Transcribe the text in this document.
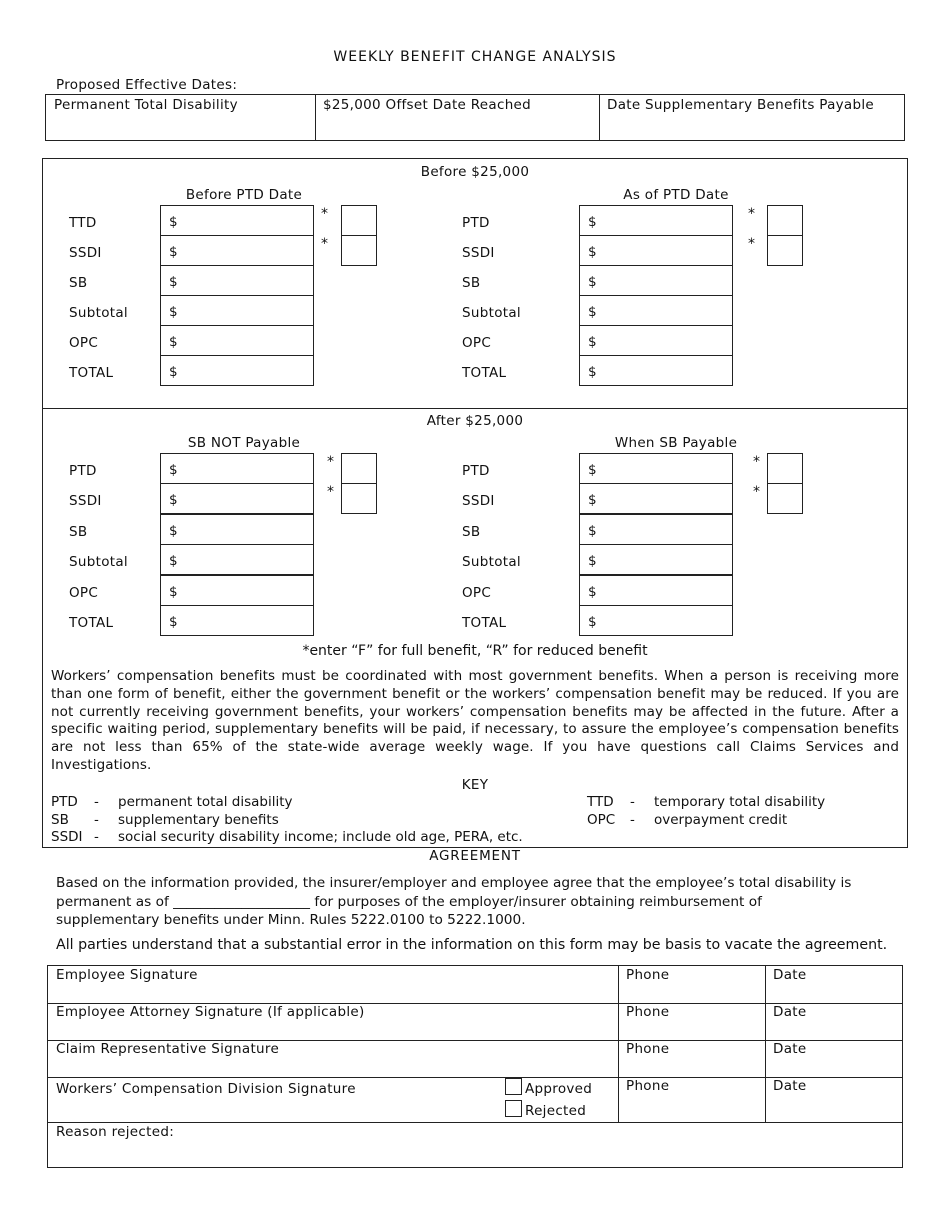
WEEKLY BENEFIT CHANGE ANALYSIS
Proposed Effective Dates:
Permanent Total Disability	$25,000 Offset Date Reached	Date Supplementary Benefits Payable
Before $25,000
Before PTD Date	As of PTD Date
TTD	$	*
SSDI	$	*
SB	$
Subtotal	$
OPC	$
TOTAL	$
PTD	$	*
SSDI	$	*
SB	$
Subtotal	$
OPC	$
TOTAL	$
After $25,000
SB NOT Payable	When SB Payable
PTD	$	*
SSDI	$	*
SB	$
Subtotal	$
OPC	$
TOTAL	$
PTD	$	*
SSDI	$	*
SB	$
Subtotal	$
OPC	$
TOTAL	$
*enter “F” for full benefit, “R” for reduced benefit
Workers’ compensation benefits must be coordinated with most government benefits. When a person is receiving more than one form of benefit, either the government benefit or the workers’ compensation benefit may be reduced. If you are not currently receiving government benefits, your workers’ compensation benefits may be affected in the future. After a specific waiting period, supplementary benefits will be paid, if necessary, to assure the employee’s compensation benefits are not less than 65% of the state-wide average weekly wage. If you have questions call Claims Services and Investigations.
KEY
PTD - permanent total disability
SB - supplementary benefits
SSDI - social security disability income; include old age, PERA, etc.
TTD - temporary total disability
OPC - overpayment credit
AGREEMENT
Based on the information provided, the insurer/employer and employee agree that the employee’s total disability is permanent as of ____________________ for purposes of the employer/insurer obtaining reimbursement of supplementary benefits under Minn. Rules 5222.0100 to 5222.1000.
All parties understand that a substantial error in the information on this form may be basis to vacate the agreement.
Employee Signature	Phone	Date
Employee Attorney Signature (If applicable)	Phone	Date
Claim Representative Signature	Phone	Date
Workers’ Compensation Division Signature	Phone	Date
Approved
Rejected
Reason rejected:
